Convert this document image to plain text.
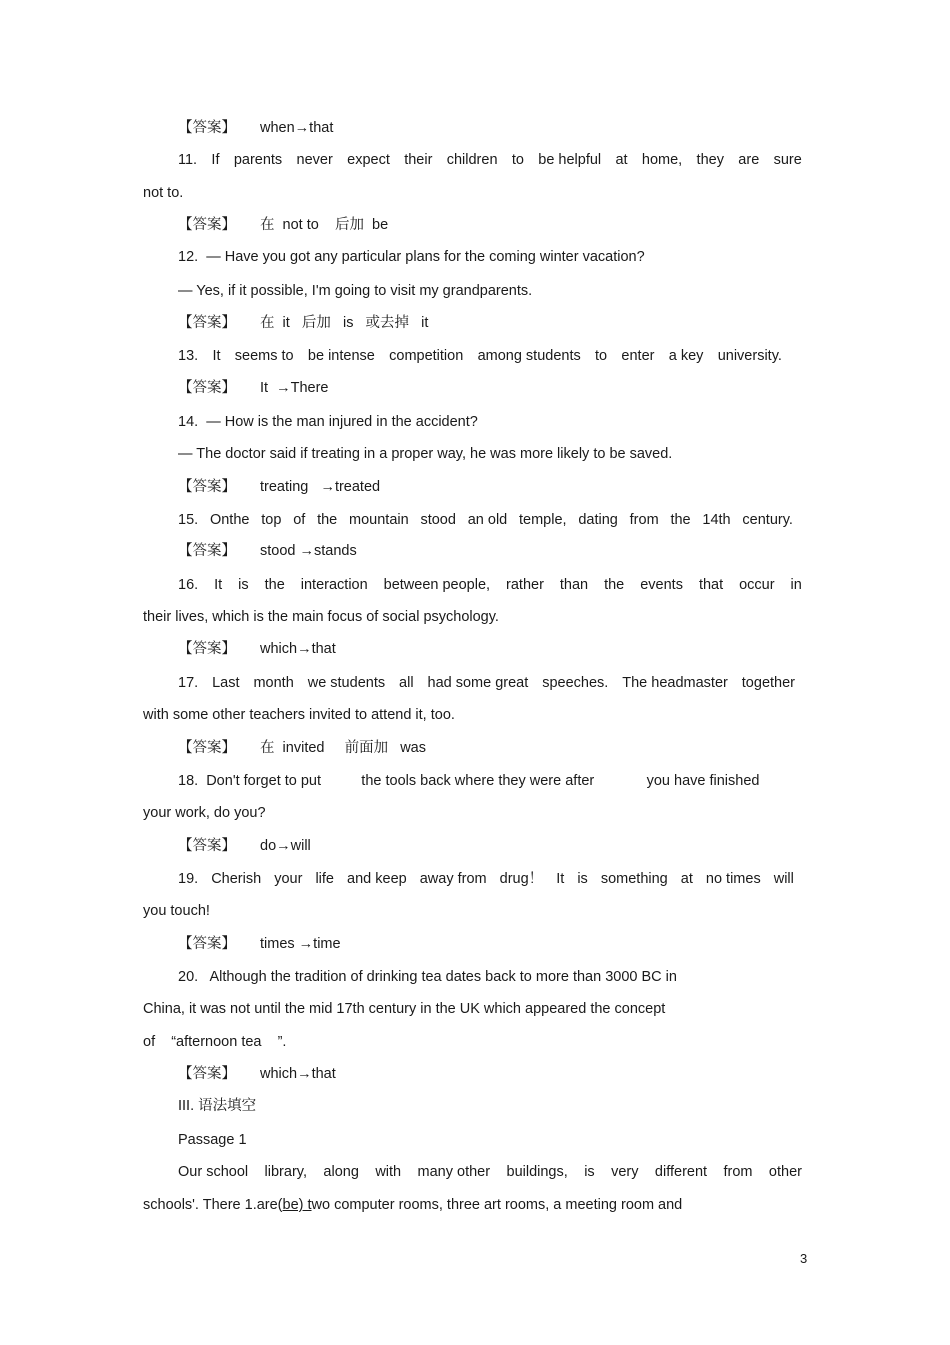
【答案】 when→that
11. If parents never expect their children to be helpful at home, they are sure
not to.
【答案】 在  not to    后加  be
12.  — Have you got any particular plans for the coming winter vacation?
— Yes, if it possible, I'm going to visit my grandparents.
【答案】 在  it   后加   is   或去掉   it
13. It seems to be intense competition among students to enter a key university.
【答案】 It  →There
14.  — How is the man injured in the accident?
— The doctor said if treating in a proper way, he was more likely to be saved.
【答案】 treating   →treated
15. Onthe top of the mountain stood an old temple, dating from the 14th century.
【答案】 stood →stands
16. It is the interaction between people, rather than the events that occur in
their lives, which is the main focus of social psychology.
【答案】 which→that
17. Last month we students all had some great speeches. The headmaster together
with some other teachers invited to attend it, too.
【答案】 在  invited     前面加   was
18.  Don't forget to put          the tools back where they were after             you have finished
your work, do you?
【答案】 do→will
19. Cherish your life and keep away from drug！ It is something at no times will
you touch!
【答案】 times →time
20.   Although the tradition of drinking tea dates back to more than 3000 BC in
China, it was not until the mid 17th century in the UK which appeared the concept
of    “afternoon tea    ”.
【答案】 which→that
III. 语法填空
Passage 1
Our school library, along with many other buildings, is very different from other
schools'. There 1.are(be) two computer rooms, three art rooms, a meeting room and
3
